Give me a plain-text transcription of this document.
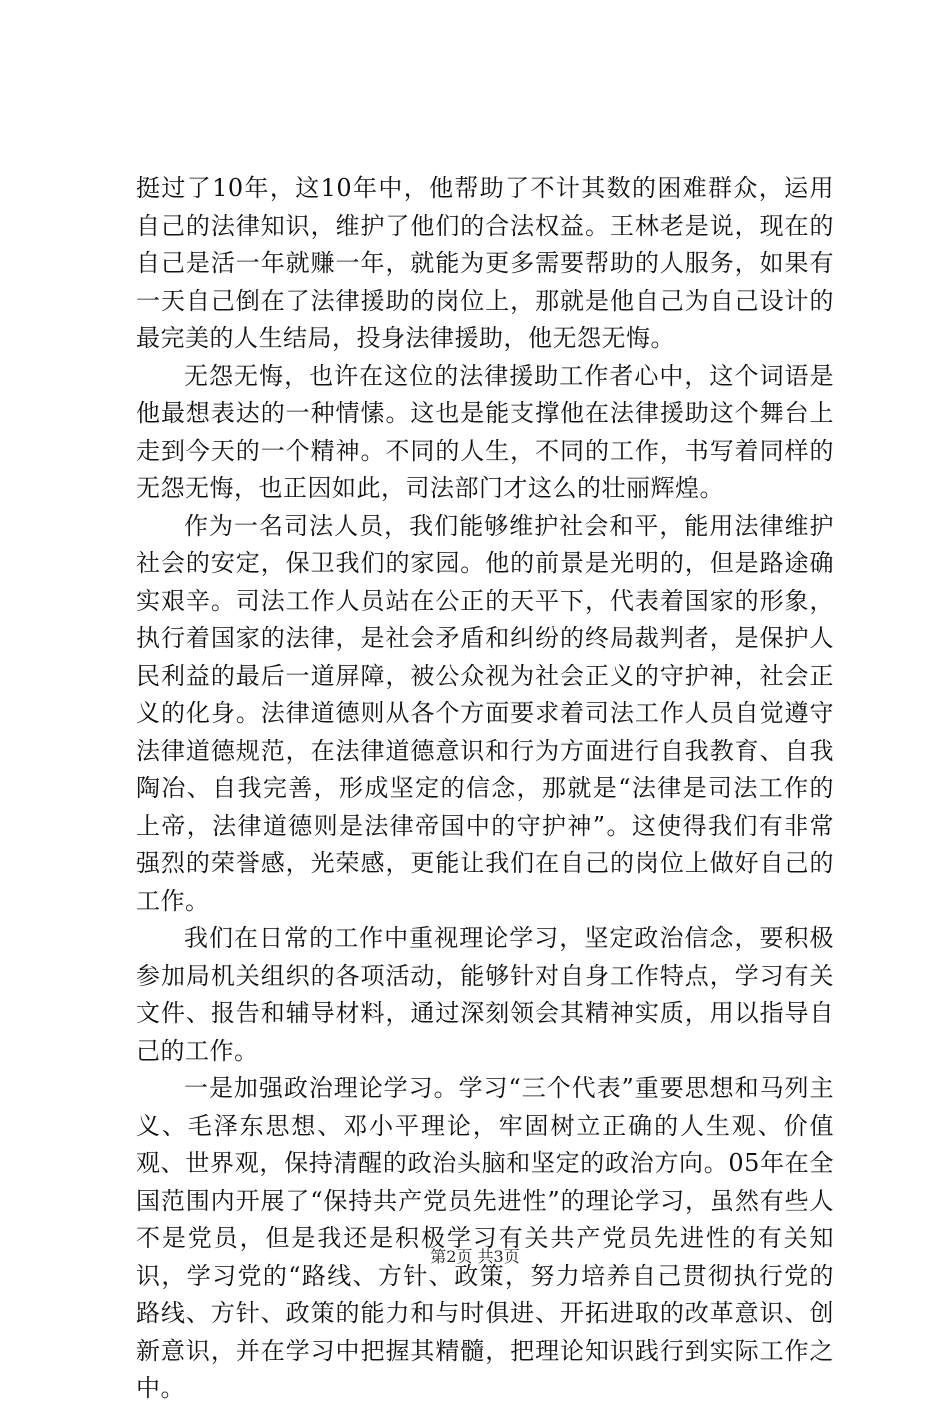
挺过了10年，这10年中，他帮助了不计其数的困难群众，运用自己的法律知识，维护了他们的合法权益。王林老是说，现在的自己是活一年就赚一年，就能为更多需要帮助的人服务，如果有一天自己倒在了法律援助的岗位上，那就是他自己为自己设计的最完美的人生结局，投身法律援助，他无怨无悔。

无怨无悔，也许在这位的法律援助工作者心中，这个词语是他最想表达的一种情愫。这也是能支撑他在法律援助这个舞台上走到今天的一个精神。不同的人生，不同的工作，书写着同样的无怨无悔，也正因如此，司法部门才这么的壮丽辉煌。

作为一名司法人员，我们能够维护社会和平，能用法律维护社会的安定，保卫我们的家园。他的前景是光明的，但是路途确实艰辛。司法工作人员站在公正的天平下，代表着国家的形象，执行着国家的法律，是社会矛盾和纠纷的终局裁判者，是保护人民利益的最后一道屏障，被公众视为社会正义的守护神，社会正义的化身。法律道德则从各个方面要求着司法工作人员自觉遵守法律道德规范，在法律道德意识和行为方面进行自我教育、自我陶冶、自我完善，形成坚定的信念，那就是“法律是司法工作的上帝，法律道德则是法律帝国中的守护神”。这使得我们有非常强烈的荣誉感，光荣感，更能让我们在自己的岗位上做好自己的工作。

我们在日常的工作中重视理论学习，坚定政治信念，要积极参加局机关组织的各项活动，能够针对自身工作特点，学习有关文件、报告和辅导材料，通过深刻领会其精神实质，用以指导自己的工作。

一是加强政治理论学习。学习“三个代表”重要思想和马列主义、毛泽东思想、邓小平理论，牢固树立正确的人生观、价值观、世界观，保持清醒的政治头脑和坚定的政治方向。05年在全国范围内开展了“保持共产党员先进性”的理论学习，虽然有些人不是党员，但是我还是积极学习有关共产党员先进性的有关知识，学习党的“路线、方针、政策，努力培养自己贯彻执行党的路线、方针、政策的能力和与时俱进、开拓进取的改革意识、创新意识，并在学习中把握其精髓，把理论知识践行到实际工作之中。

第2页 共3页
